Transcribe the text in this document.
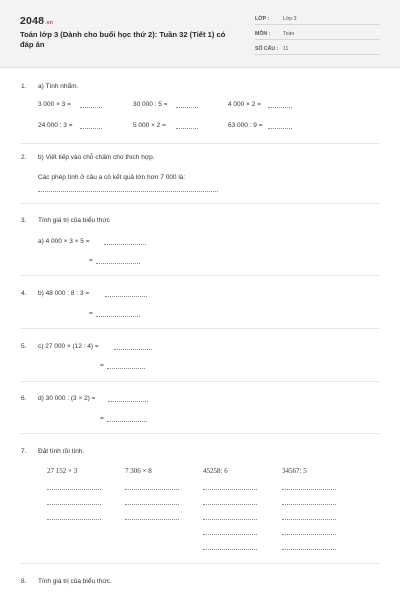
2048.vn
Toán lớp 3 (Dành cho buổi học thứ 2): Tuần 32 (Tiết 1) có đáp án
LỚP :	Lớp 3
MÔN : Toán
SỐ CÂU : 11
1. a) Tính nhẩm.
3 000 × 3 =	30 000 : 5 =	4 000 × 2 =
24 000 : 3 =	5 000 × 2 =	63 000 : 9 =
2. b) Viết tiếp vào chỗ chấm cho thích hợp.
Các phép tính ở câu a có kết quả lớn hơn 7 000 là:
3. Tính giá trị của biểu thức
a) 4 000 × 3 × 5 =
=
4. b) 48 000 : 8 : 3 =
=
5. c) 27 000 × (12 : 4) =
=
6. d) 30 000 : (3 × 2) =
=
7. Đặt tính rồi tính.
27 152 × 3	7 306 × 8	45258: 6	34567: 5
8. Tính giá trị của biểu thức.
